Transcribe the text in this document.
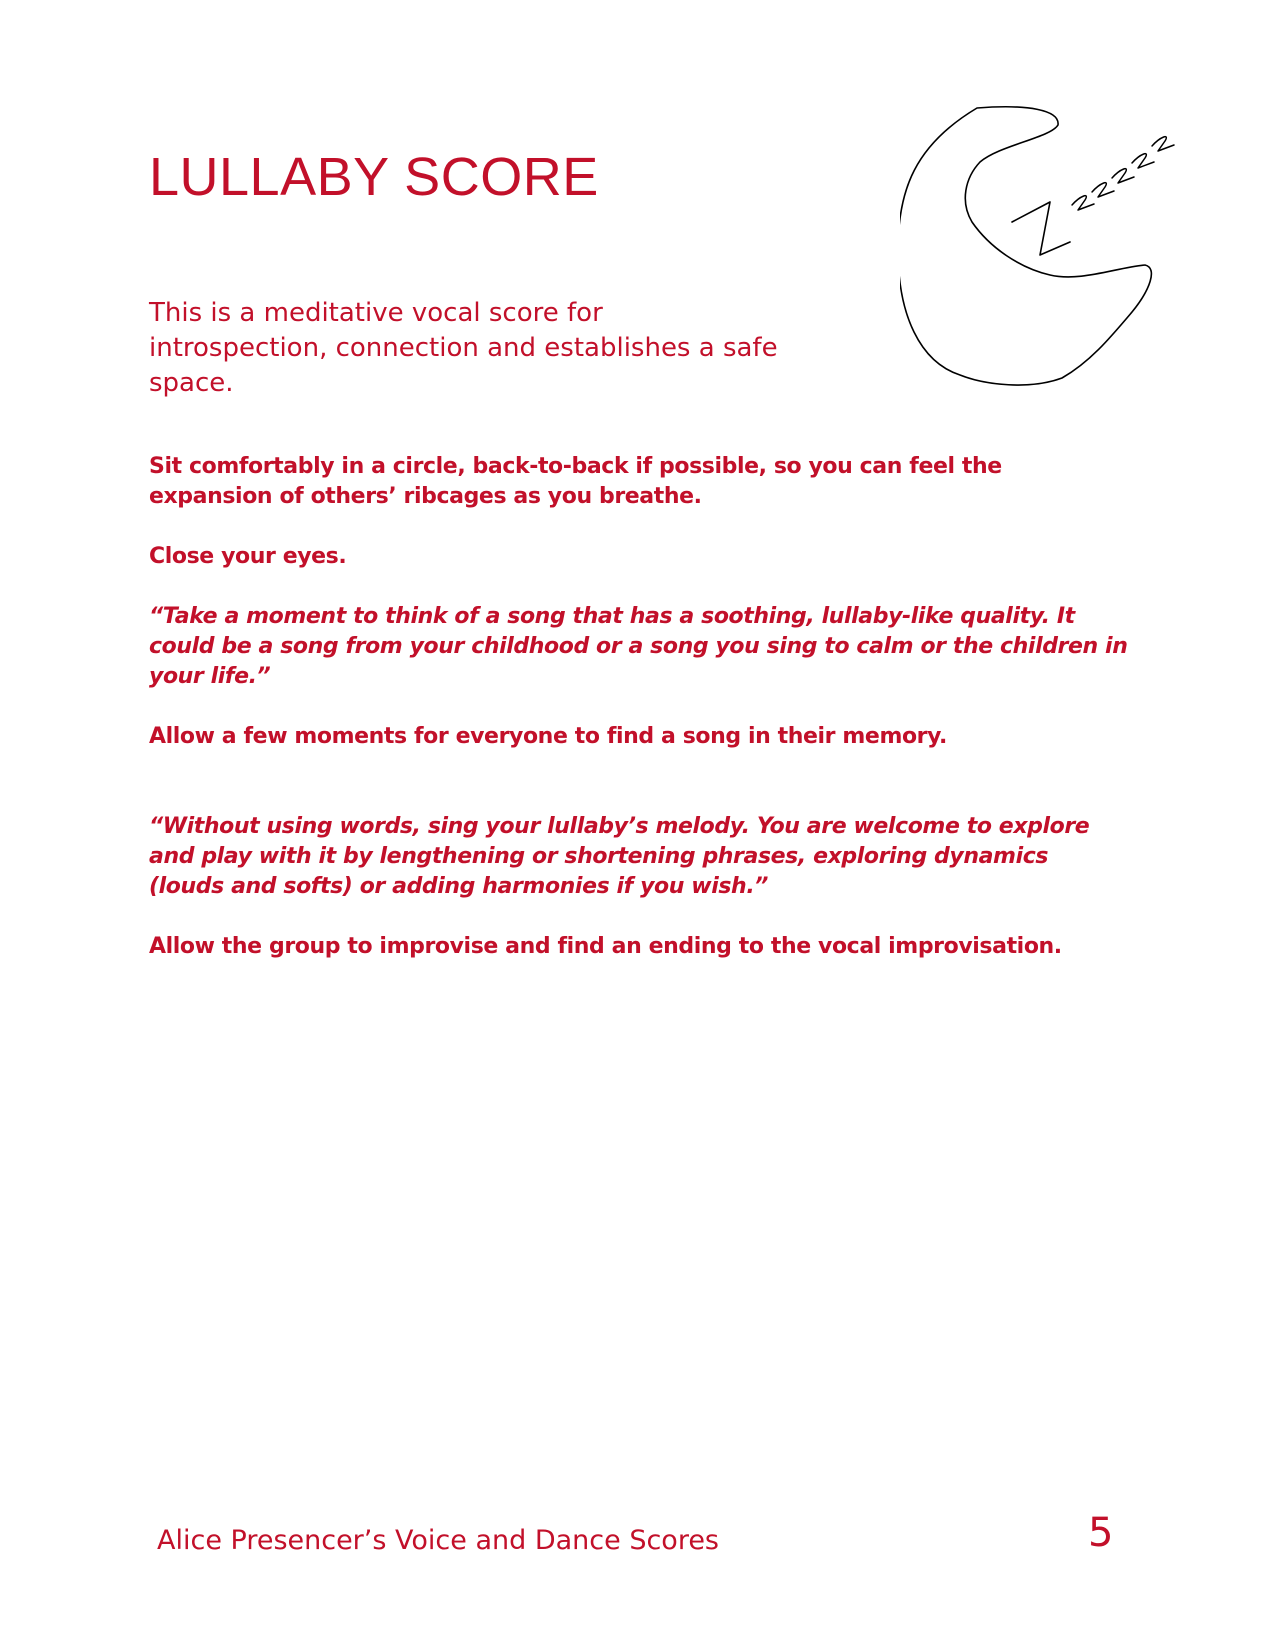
LULLABY SCORE

This is a meditative vocal score for introspection, connection and establishes a safe space.

Sit comfortably in a circle, back-to-back if possible, so you can feel the expansion of others’ ribcages as you breathe.

Close your eyes.

“Take a moment to think of a song that has a soothing, lullaby-like quality. It could be a song from your childhood or a song you sing to calm or the children in your life.”

Allow a few moments for everyone to find a song in their memory.

“Without using words, sing your lullaby’s melody. You are welcome to explore and play with it by lengthening or shortening phrases, exploring dynamics (louds and softs) or adding harmonies if you wish.”

Allow the group to improvise and find an ending to the vocal improvisation.

Alice Presencer’s Voice and Dance Scores	5
